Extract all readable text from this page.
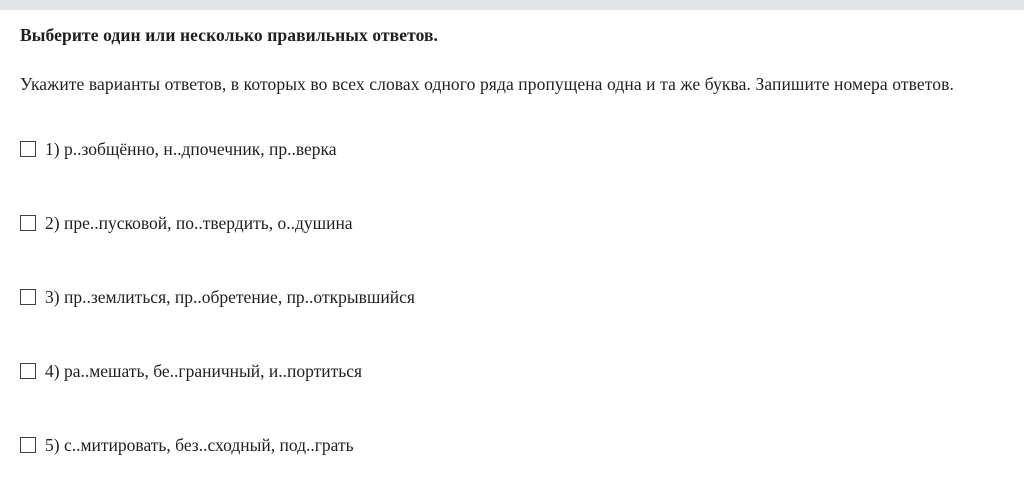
Выберите один или несколько правильных ответов.
Укажите варианты ответов, в которых во всех словах одного ряда пропущена одна и та же буква. Запишите номера ответов.
1) р..зобщённо, н..дпочечник, пр..верка
2) пре..пусковой, по..твердить, о..душина
3) пр..землиться, пр..обретение, пр..открывшийся
4) ра..мешать, бе..граничный, и..портиться
5) с..митировать, без..сходный, под..грать
